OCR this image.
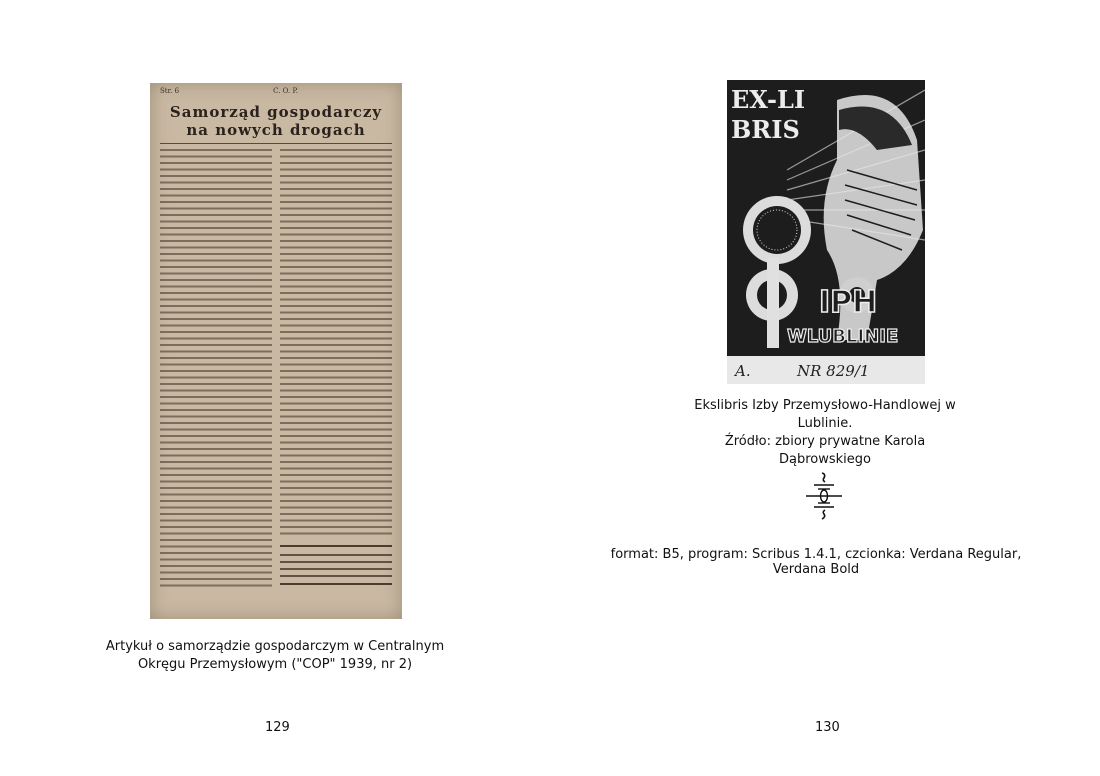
Str. 6	C. O. P.
Samorząd gospodarczy
na nowych drogach
Artykuł o samorządzie gospodarczym w Centralnym Okręgu Przemysłowym ("COP" 1939, nr 2)
129
EX-LI
BRIS
IPH
WLUBLINIE
NR 829/1
A.
Ekslibris Izby Przemysłowo-Handlowej w Lublinie.
Źródło: zbiory prywatne Karola Dąbrowskiego
format: B5, program: Scribus 1.4.1, czcionka: Verdana Regular, Verdana Bold
130
